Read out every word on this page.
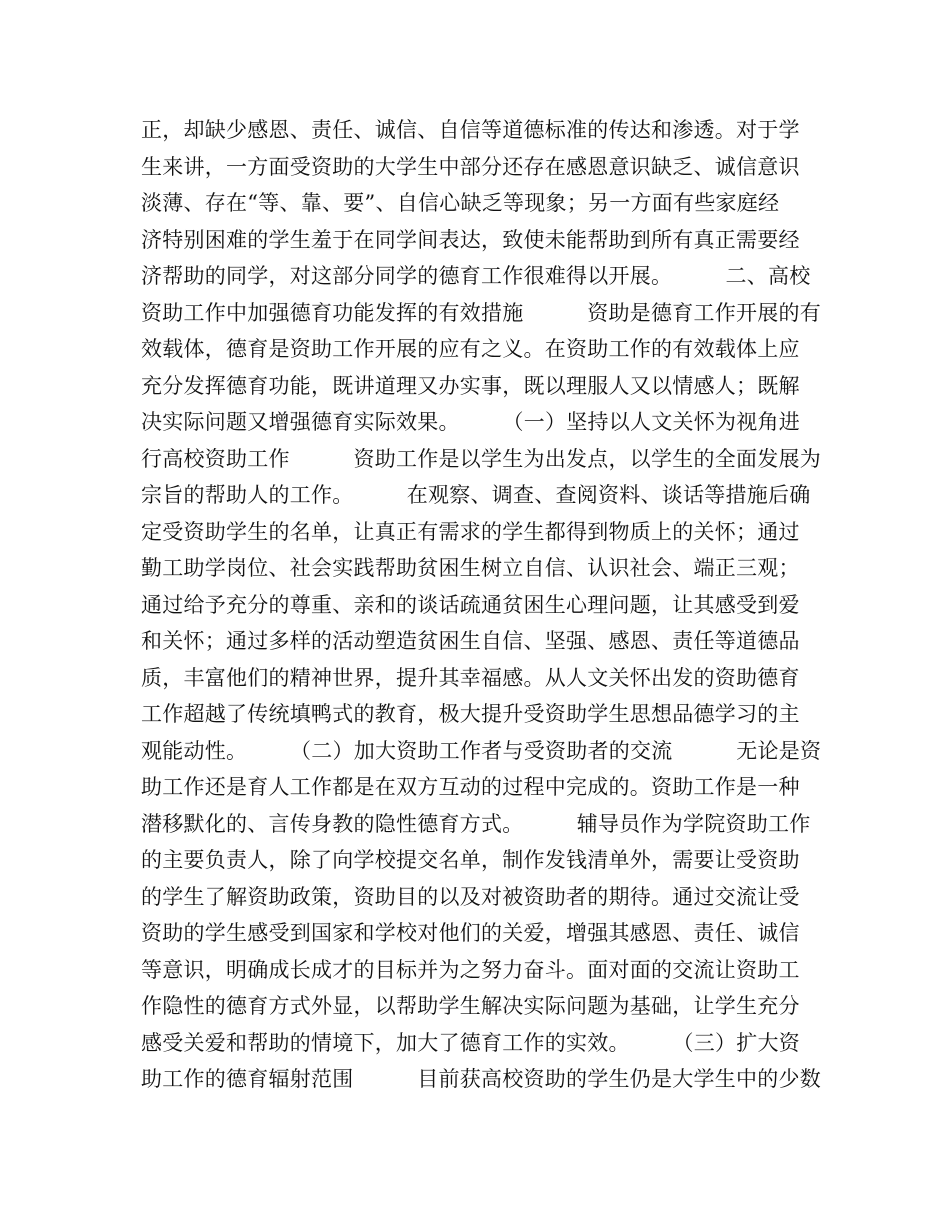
正，却缺少感恩、责任、诚信、自信等道德标准的传达和渗透。对于学
生来讲，一方面受资助的大学生中部分还存在感恩意识缺乏、诚信意识
淡薄、存在“等、靠、要”、自信心缺乏等现象；另一方面有些家庭经
济特别困难的学生羞于在同学间表达，致使未能帮助到所有真正需要经
济帮助的同学，对这部分同学的德育工作很难得以开展。　　　二、高校
资助工作中加强德育功能发挥的有效措施　　　资助是德育工作开展的有
效载体，德育是资助工作开展的应有之义。在资助工作的有效载体上应
充分发挥德育功能，既讲道理又办实事，既以理服人又以情感人；既解
决实际问题又增强德育实际效果。　　　（一）坚持以人文关怀为视角进
行高校资助工作　　　资助工作是以学生为出发点，以学生的全面发展为
宗旨的帮助人的工作。　　　在观察、调查、查阅资料、谈话等措施后确
定受资助学生的名单，让真正有需求的学生都得到物质上的关怀；通过
勤工助学岗位、社会实践帮助贫困生树立自信、认识社会、端正三观；
通过给予充分的尊重、亲和的谈话疏通贫困生心理问题，让其感受到爱
和关怀；通过多样的活动塑造贫困生自信、坚强、感恩、责任等道德品
质，丰富他们的精神世界，提升其幸福感。从人文关怀出发的资助德育
工作超越了传统填鸭式的教育，极大提升受资助学生思想品德学习的主
观能动性。　　　（二）加大资助工作者与受资助者的交流　　　无论是资
助工作还是育人工作都是在双方互动的过程中完成的。资助工作是一种
潜移默化的、言传身教的隐性德育方式。　　　辅导员作为学院资助工作
的主要负责人，除了向学校提交名单，制作发钱清单外，需要让受资助
的学生了解资助政策，资助目的以及对被资助者的期待。通过交流让受
资助的学生感受到国家和学校对他们的关爱，增强其感恩、责任、诚信
等意识，明确成长成才的目标并为之努力奋斗。面对面的交流让资助工
作隐性的德育方式外显，以帮助学生解决实际问题为基础，让学生充分
感受关爱和帮助的情境下，加大了德育工作的实效。　　　（三）扩大资
助工作的德育辐射范围　　　目前获高校资助的学生仍是大学生中的少数
